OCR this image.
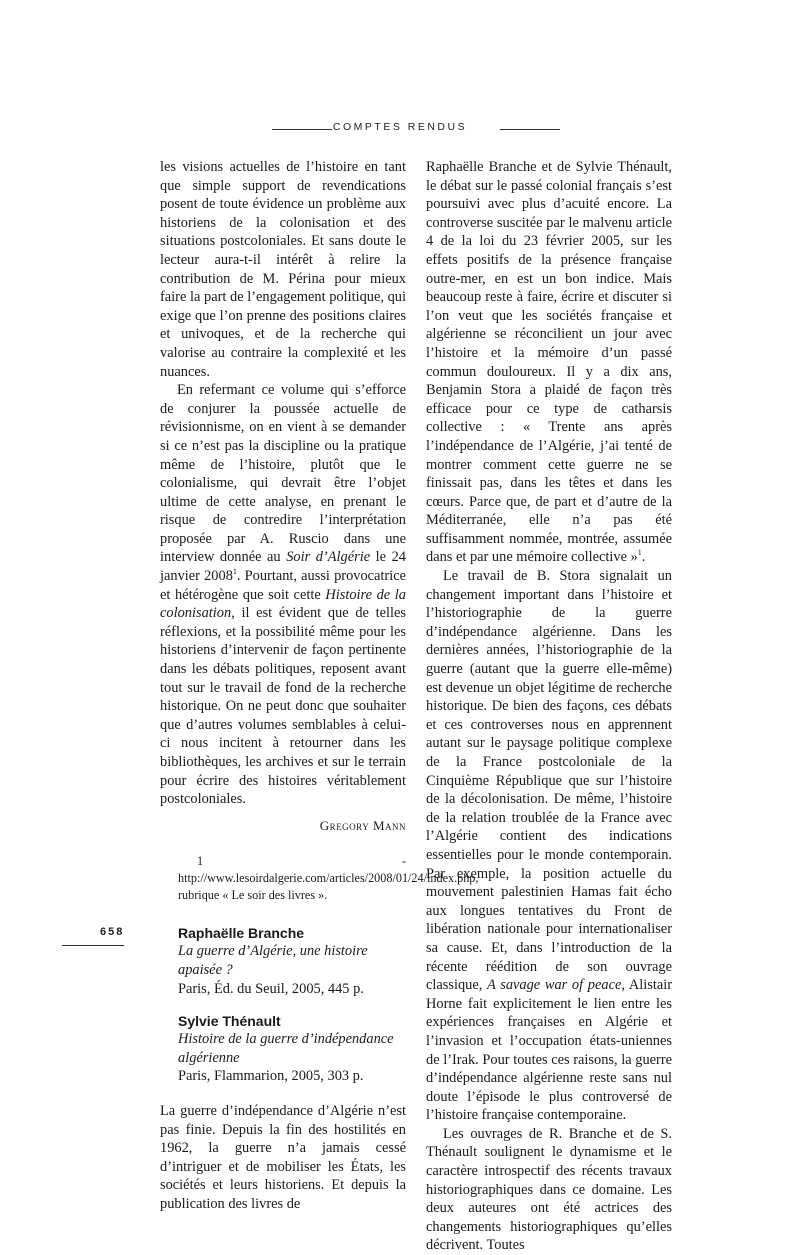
COMPTES RENDUS

les visions actuelles de l’histoire en tant que simple support de revendications posent de toute évidence un problème aux historiens de la colonisation et des situations postcoloniales. Et sans doute le lecteur aura-t-il intérêt à relire la contribution de M. Périna pour mieux faire la part de l’engagement politique, qui exige que l’on prenne des positions claires et univoques, et de la recherche qui valorise au contraire la complexité et les nuances.

En refermant ce volume qui s’efforce de conjurer la poussée actuelle de révisionnisme, on en vient à se demander si ce n’est pas la discipline ou la pratique même de l’histoire, plutôt que le colonialisme, qui devrait être l’objet ultime de cette analyse, en prenant le risque de contredire l’interprétation proposée par A. Ruscio dans une interview donnée au Soir d’Algérie le 24 janvier 2008$^1$. Pourtant, aussi provocatrice et hétérogène que soit cette Histoire de la colonisation, il est évident que de telles réflexions, et la possibilité même pour les historiens d’intervenir de façon pertinente dans les débats politiques, reposent avant tout sur le travail de fond de la recherche historique. On ne peut donc que souhaiter que d’autres volumes semblables à celui-ci nous incitent à retourner dans les bibliothèques, les archives et sur le terrain pour écrire des histoires véritablement postcoloniales.

Gregory Mann
1 - http://www.lesoirdalgerie.com/articles/2008/01/24/index.php, rubrique « Le soir des livres ».
Raphaëlle Branche
La guerre d’Algérie, une histoire apaisée ?
Paris, Éd. du Seuil, 2005, 445 p.
Sylvie Thénault
Histoire de la guerre d’indépendance algérienne
Paris, Flammarion, 2005, 303 p.

La guerre d’indépendance d’Algérie n’est pas finie. Depuis la fin des hostilités en 1962, la guerre n’a jamais cessé d’intriguer et de mobiliser les États, les sociétés et leurs historiens. Et depuis la publication des livres de

Raphaëlle Branche et de Sylvie Thénault, le débat sur le passé colonial français s’est poursuivi avec plus d’acuité encore. La controverse suscitée par le malvenu article 4 de la loi du 23 février 2005, sur les effets positifs de la présence française outre-mer, en est un bon indice. Mais beaucoup reste à faire, écrire et discuter si l’on veut que les sociétés française et algérienne se réconcilient un jour avec l’histoire et la mémoire d’un passé commun douloureux. Il y a dix ans, Benjamin Stora a plaidé de façon très efficace pour ce type de catharsis collective : « Trente ans après l’indépendance de l’Algérie, j’ai tenté de montrer comment cette guerre ne se finissait pas, dans les têtes et dans les cœurs. Parce que, de part et d’autre de la Méditerranée, elle n’a pas été suffisamment nommée, montrée, assumée dans et par une mémoire collective »$^1$.

Le travail de B. Stora signalait un changement important dans l’histoire et l’historiographie de la guerre d’indépendance algérienne. Dans les dernières années, l’historiographie de la guerre (autant que la guerre elle-même) est devenue un objet légitime de recherche historique. De bien des façons, ces débats et ces controverses nous en apprennent autant sur le paysage politique complexe de la France postcoloniale de la Cinquième République que sur l’histoire de la décolonisation. De même, l’histoire de la relation troublée de la France avec l’Algérie contient des indications essentielles pour le monde contemporain. Par exemple, la position actuelle du mouvement palestinien Hamas fait écho aux longues tentatives du Front de libération nationale pour internationaliser sa cause. Et, dans l’introduction de la récente réédition de son ouvrage classique, A savage war of peace, Alistair Horne fait explicitement le lien entre les expériences françaises en Algérie et l’invasion et l’occupation états-uniennes de l’Irak. Pour toutes ces raisons, la guerre d’indépendance algérienne reste sans nul doute l’épisode le plus controversé de l’histoire française contemporaine.

Les ouvrages de R. Branche et de S. Thénault soulignent le dynamisme et le caractère introspectif des récents travaux historiographiques dans ce domaine. Les deux auteures ont été actrices des changements historiographiques qu’elles décrivent. Toutes

658
